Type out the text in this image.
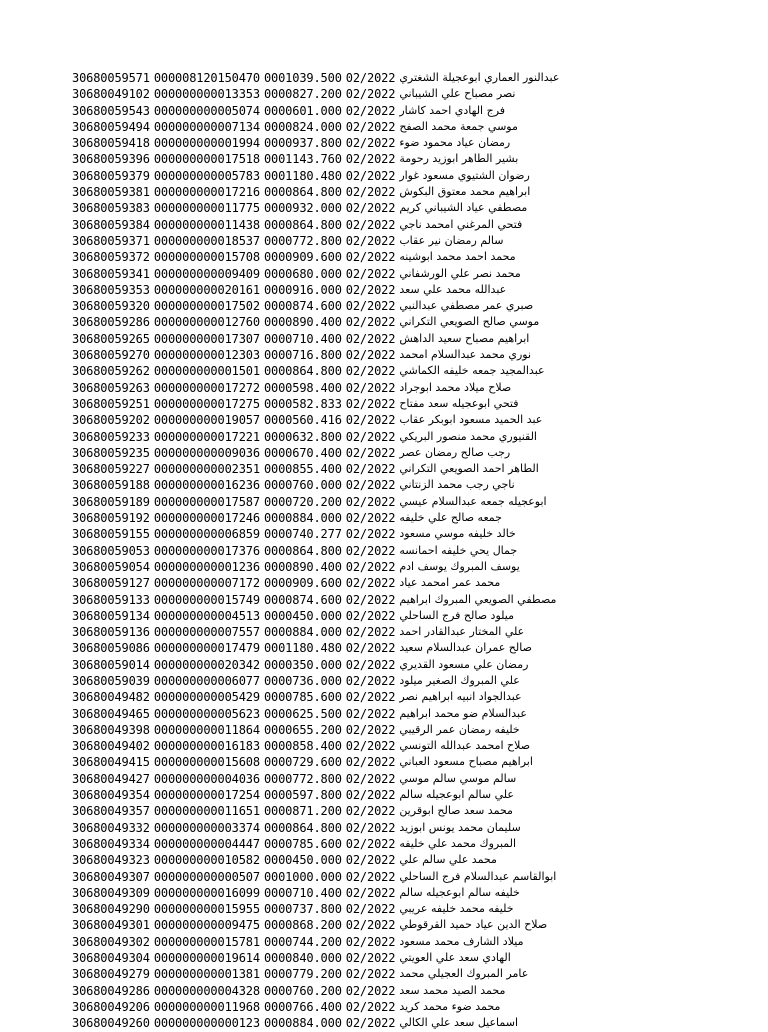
30680059571 000008120150470 0001039.500 02/2022 عبدالنور العماري ابوعجيلة الشغتري
30680049102 000000000013353 0000827.200 02/2022 نصر مصباح علي الشيباني
30680059543 000000000005074 0000601.000 02/2022 فرج الهادي احمد كاشار
30680059494 000000000007134 0000824.000 02/2022 موسي جمعة محمد الصفح
30680059418 000000000001994 0000937.800 02/2022 رمضان عياد محمود ضوء
30680059396 000000000017518 0001143.760 02/2022 بشير الطاهر ابوزيد رحومة
30680059379 000000000005783 0001180.480 02/2022 رضوان الشتيوي مسعود غوار
30680059381 000000000017216 0000864.800 02/2022 ابراهيم محمد معتوق البكوش
30680059383 000000000011775 0000932.000 02/2022 مصطفي عياد الشيباني كريم
30680059384 000000000011438 0000864.800 02/2022 فتحي المرغني امحمد ناجي
30680059371 000000000018537 0000772.800 02/2022 سالم رمضان نير عقاب
30680059372 000000000015708 0000909.600 02/2022 محمد احمد محمد ابوشينه
30680059341 000000000009409 0000680.000 02/2022 محمد نصر علي الورشفاني
30680059353 000000000020161 0000916.000 02/2022 عبدالله محمد علي سعد
30680059320 000000000017502 0000874.600 02/2022 صبري عمر مصطفي عبدالنبي
30680059286 000000000012760 0000890.400 02/2022 موسي صالح الصويعي التكراني
30680059265 000000000017307 0000710.400 02/2022 ابراهيم مصباح سعيد الداهش
30680059270 000000000012303 0000716.800 02/2022 نوري محمد عبدالسلام امحمد
30680059262 000000000001501 0000864.800 02/2022 عبدالمجيد جمعه خليفه الكماشي
30680059263 000000000017272 0000598.400 02/2022 صلاح ميلاد محمد ابوجراد
30680059251 000000000017275 0000582.833 02/2022 فتحي ابوعجيله سعد مفتاح
30680059202 000000000019057 0000560.416 02/2022 عبد الحميد مسعود ابوبكر عقاب
30680059233 000000000017221 0000632.800 02/2022 القنيوري محمد منصور البريكي
30680059235 000000000009036 0000670.400 02/2022 رجب صالح رمضان عصر
30680059227 000000000002351 0000855.400 02/2022 الطاهر احمد الصويعي التكراني
30680059188 000000000016236 0000760.000 02/2022 ناجي رجب محمد الزنتاني
30680059189 000000000017587 0000720.200 02/2022 ابوعجيله جمعه عبدالسلام عيسي
30680059192 000000000017246 0000884.000 02/2022 جمعه صالح علي خليفه
30680059155 000000000006859 0000740.277 02/2022 خالد خليفه موسي مسعود
30680059053 000000000017376 0000864.800 02/2022 جمال يحي خليفه احمانسه
30680059054 000000000001236 0000890.400 02/2022 يوسف المبروك يوسف ادم
30680059127 000000000007172 0000909.600 02/2022 محمد عمر امحمد عياد
30680059133 000000000015749 0000874.600 02/2022 مصطفي الصويعي المبروك ابراهيم
30680059134 000000000004513 0000450.000 02/2022 ميلود صالح فرج الساحلي
30680059136 000000000007557 0000884.000 02/2022 علي المختار عبدالقادر احمد
30680059086 000000000017479 0001180.480 02/2022 صالح عمران عبدالسلام سعيد
30680059014 000000000020342 0000350.000 02/2022 رمضان علي مسعود القديري
30680059039 000000000006077 0000736.000 02/2022 علي المبروك الصغير ميلود
30680049482 000000000005429 0000785.600 02/2022 عبدالجواد انبيه ابراهيم نصر
30680049465 000000000005623 0000625.500 02/2022 عبدالسلام ضو محمد ابراهيم
30680049398 000000000011864 0000655.200 02/2022 خليفه رمضان عمر الرقيبي
30680049402 000000000016183 0000858.400 02/2022 صلاح امحمد عبدالله التونسي
30680049415 000000000015608 0000729.600 02/2022 ابراهيم مصباح مسعود العباني
30680049427 000000000004036 0000772.800 02/2022 سالم موسي سالم موسي
30680049354 000000000017254 0000597.800 02/2022 علي سالم ابوعجيله سالم
30680049357 000000000011651 0000871.200 02/2022 محمد سعد صالح ابوقرين
30680049332 000000000003374 0000864.800 02/2022 سليمان محمد يونس ابوزيد
30680049334 000000000004447 0000785.600 02/2022 المبروك محمد علي خليفه
30680049323 000000000010582 0000450.000 02/2022 محمد علي سالم علي
30680049307 000000000000507 0001000.000 02/2022 ابوالقاسم عبدالسلام فرج الساحلي
30680049309 000000000016099 0000710.400 02/2022 خليفه سالم ابوعجيله سالم
30680049290 000000000015955 0000737.800 02/2022 خليفه محمد خليفه عريبي
30680049301 000000000009475 0000868.200 02/2022 صلاح الدين عياد حميد القرقوطي
30680049302 000000000015781 0000744.200 02/2022 ميلاد الشارف محمد مسعود
30680049304 000000000019614 0000840.000 02/2022 الهادي سعد علي العويتي
30680049279 000000000001381 0000779.200 02/2022 عامر المبروك العجيلي محمد
30680049286 000000000004328 0000760.200 02/2022 محمد الصيد محمد سعد
30680049206 000000000011968 0000766.400 02/2022 محمد ضوء محمد كريد
30680049260 000000000000123 0000884.000 02/2022 اسماعيل سعد علي الكالي
